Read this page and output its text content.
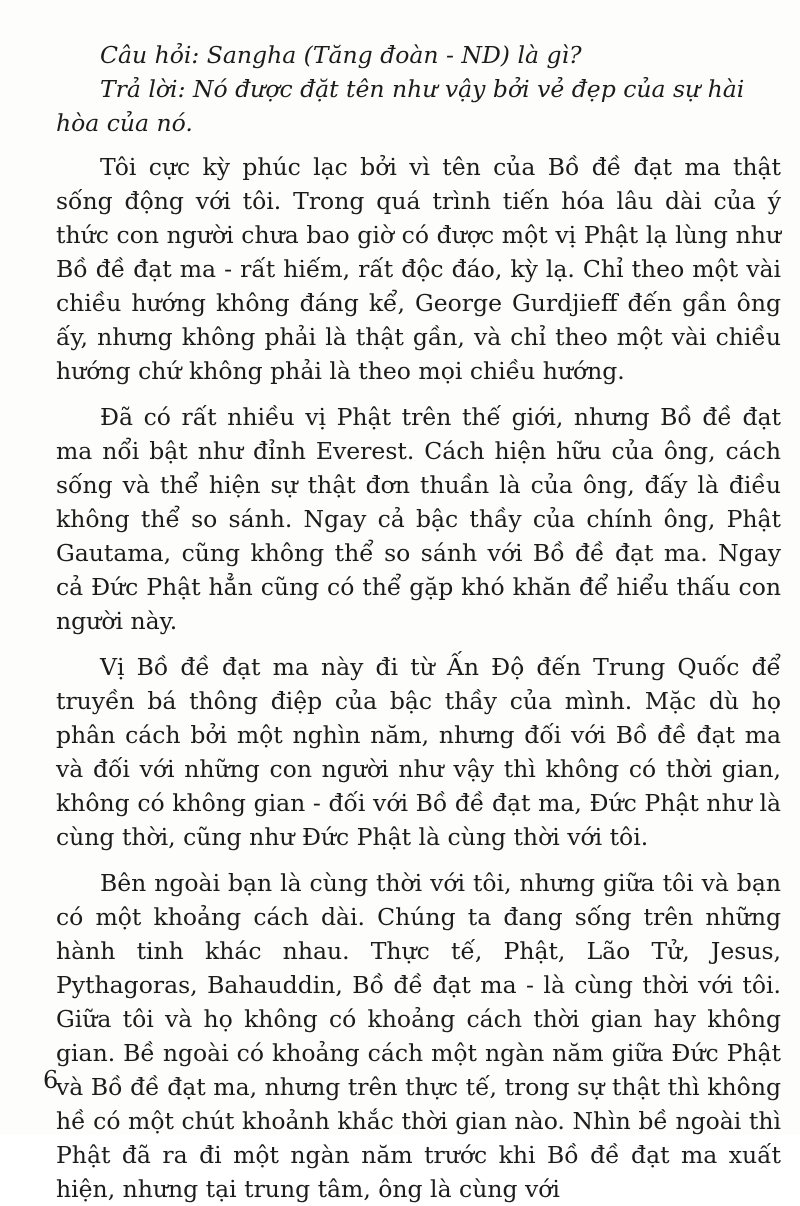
Câu hỏi: Sangha (Tăng đoàn - ND) là gì?

Trả lời: Nó được đặt tên như vậy bởi vẻ đẹp của sự hài hòa của nó.

Tôi cực kỳ phúc lạc bởi vì tên của Bồ đề đạt ma thật sống động với tôi. Trong quá trình tiến hóa lâu dài của ý thức con người chưa bao giờ có được một vị Phật lạ lùng như Bồ đề đạt ma - rất hiếm, rất độc đáo, kỳ lạ. Chỉ theo một vài chiều hướng không đáng kể, George Gurdjieff đến gần ông ấy, nhưng không phải là thật gần, và chỉ theo một vài chiều hướng chứ không phải là theo mọi chiều hướng.

Đã có rất nhiều vị Phật trên thế giới, nhưng Bồ đề đạt ma nổi bật như đỉnh Everest. Cách hiện hữu của ông, cách sống và thể hiện sự thật đơn thuần là của ông, đấy là điều không thể so sánh. Ngay cả bậc thầy của chính ông, Phật Gautama, cũng không thể so sánh với Bồ đề đạt ma. Ngay cả Đức Phật hẳn cũng có thể gặp khó khăn để hiểu thấu con người này.

Vị Bồ đề đạt ma này đi từ Ấn Độ đến Trung Quốc để truyền bá thông điệp của bậc thầy của mình. Mặc dù họ phân cách bởi một nghìn năm, nhưng đối với Bồ đề đạt ma và đối với những con người như vậy thì không có thời gian, không có không gian - đối với Bồ đề đạt ma, Đức Phật như là cùng thời, cũng như Đức Phật là cùng thời với tôi.

Bên ngoài bạn là cùng thời với tôi, nhưng giữa tôi và bạn có một khoảng cách dài. Chúng ta đang sống trên những hành tinh khác nhau. Thực tế, Phật, Lão Tử, Jesus, Pythagoras, Bahauddin, Bồ đề đạt ma - là cùng thời với tôi. Giữa tôi và họ không có khoảng cách thời gian hay không gian. Bề ngoài có khoảng cách một ngàn năm giữa Đức Phật và Bồ đề đạt ma, nhưng trên thực tế, trong sự thật thì không hề có một chút khoảnh khắc thời gian nào. Nhìn bề ngoài thì Phật đã ra đi một ngàn năm trước khi Bồ đề đạt ma xuất hiện, nhưng tại trung tâm, ông là cùng với

6
